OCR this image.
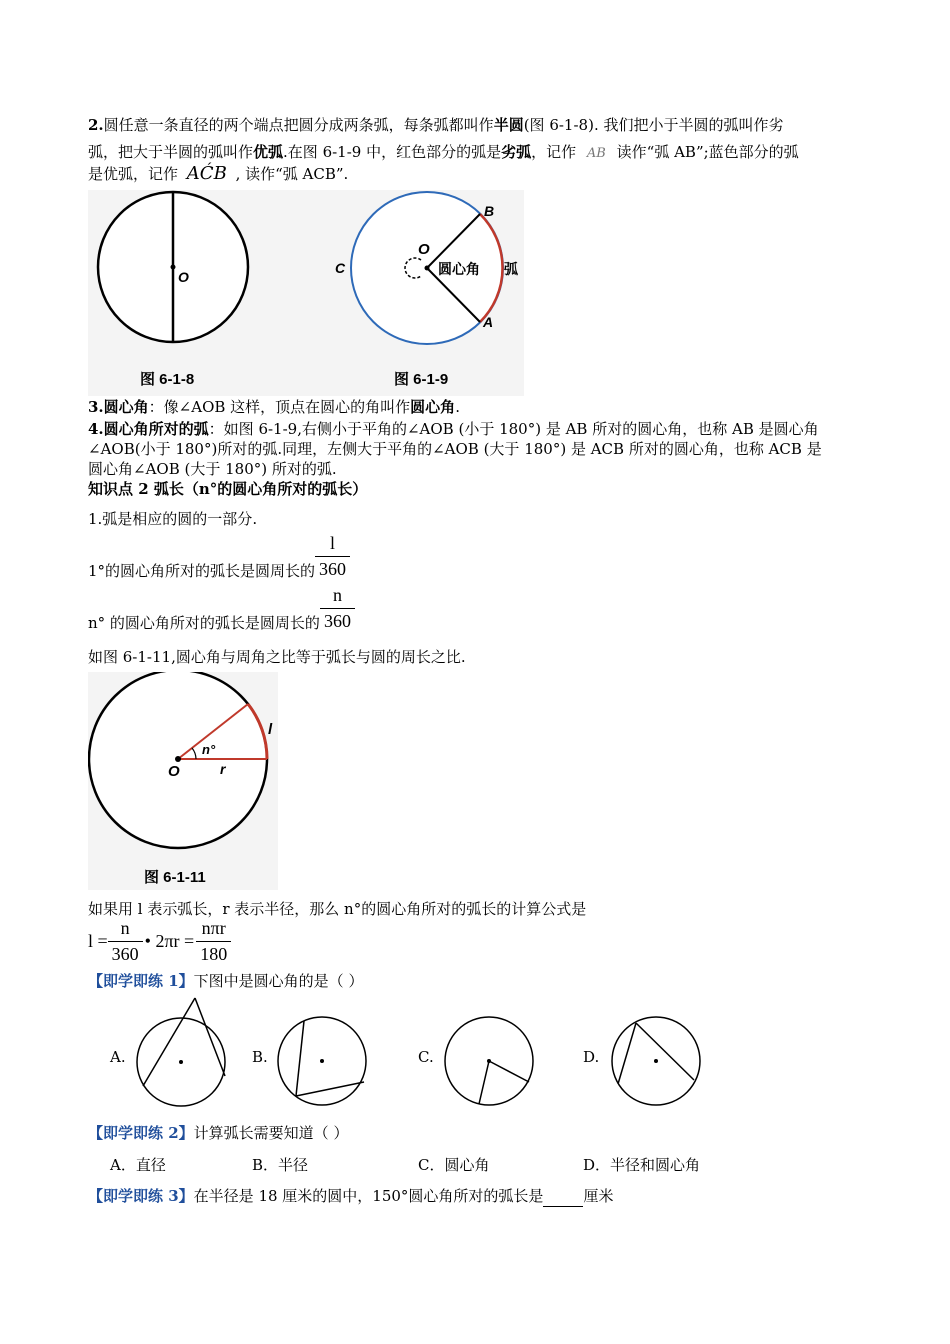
2.圆任意一条直径的两个端点把圆分成两条弧，每条弧都叫作半圆(图 6-1-8). 我们把小于半圆的弧叫作劣
弧，把大于半圆的弧叫作优弧.在图 6-1-9 中，红色部分的弧是劣弧，记作 AB 读作“弧 AB”;蓝色部分的弧
是优弧，记作 AĆB , 读作“弧 ACB”.
O
O
B
C
A
圆心角 弧
图 6-1-8	图 6-1-9
3.圆心角：像∠AOB 这样，顶点在圆心的角叫作圆心角.
4.圆心角所对的弧：如图 6-1-9,右侧小于平角的∠AOB (小于 180°) 是 AB 所对的圆心角，也称 AB 是圆心角
∠AOB(小于 180°)所对的弧.同理，左侧大于平角的∠AOB (大于 180°) 是 ACB 所对的圆心角，也称 ACB 是
圆心角∠AOB (大于 180°) 所对的弧.
知识点 2 弧长（n°的圆心角所对的弧长）
1.弧是相应的圆的一部分.
1°的圆心角所对的弧长是圆周长的 $\frac{l}{360}$
n° 的圆心角所对的弧长是圆周长的 $\frac{n}{360}$
如图 6-1-11,圆心角与周角之比等于弧长与圆的周长之比.
O
n°
l
r
图 6-1-11
如果用 l 表示弧长，r 表示半径，那么 n°的圆心角所对的弧长的计算公式是
$l = \frac{n}{360}$ • $2\pi r = \frac{\text{nπr}}{180}$
【即学即练 1】下图中是圆心角的是（ ）
A.	B.	C.	D.
【即学即练 2】计算弧长需要知道（ ）
A．直径	B．半径	C．圆心角	D．半径和圆心角
【即学即练 3】在半径是 18 厘米的圆中，150°圆心角所对的弧长是	厘米
